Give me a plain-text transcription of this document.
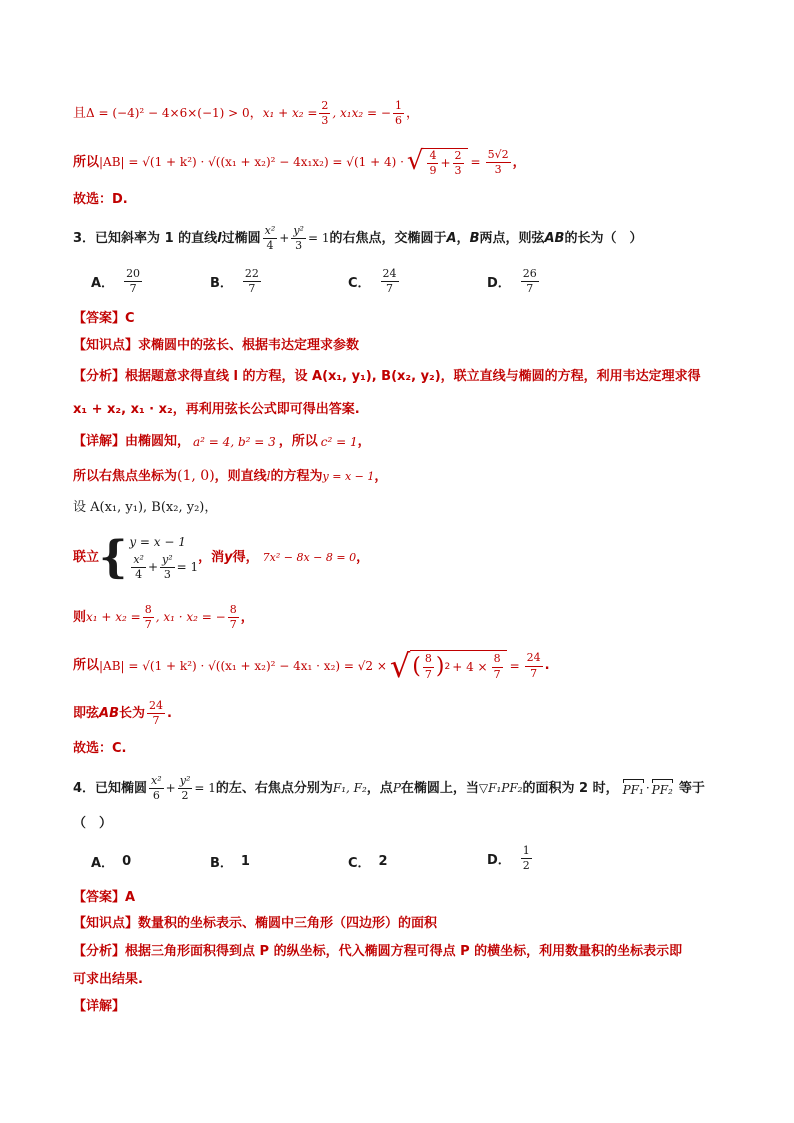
且 Δ = (−4)² − 4×6×(−1) > 0 ， $x_1 + x_2 = \frac{2}{3}$ , x₁x₂ = − $\frac{1}{6}$ ，
所以 |AB| = √(1 + k²) · √((x₁ + x₂)² − 4x₁x₂) = √(1 + 4) · √ $\frac{4}{9} + \frac{2}{3} = \frac{5√2}{3}$ ，
故选：D.
3．已知斜率为 1 的直线 l 过椭圆 $\frac{\text{x²}}{4} + \frac{\text{y²}}{3} = 1$ 的右焦点，交椭圆于 A ， B 两点，则弦 AB 的长为（　）
A． $\frac{20}{7}$	B． $\frac{22}{7}$	C． $\frac{24}{7}$	D． $\frac{26}{7}$
【答案】 C
【知识点】 求椭圆中的弦长、根据韦达定理求参数
【分析】 根据题意求得直线 l 的方程，设 A(x₁, y₁), B(x₂, y₂)，联立直线与椭圆的方程，利用韦达定理求得
x₁ + x₂, x₁ · x₂，再利用弦长公式即可得出答案.
【详解】 由椭圆知， a² = 4, b² = 3 ，所以 c² = 1 ，
所以右焦点坐标为 (1, 0) ，则直线 l 的方程为 y = x − 1 ，
设 A(x₁, y₁), B(x₂, y₂)，
联立 { y = x − 1
$\frac{\text{x²}}{4} + \frac{\text{y²}}{3} = 1$
，消 y 得， 7x² − 8x − 8 = 0 ，
则 $x_1 + x_2 = \frac{8}{7}$ , x₁ · x₂ = − $\frac{8}{7}$ ，
所以 |AB| = √(1 + k²) · √((x₁ + x₂)² − 4x₁ · x₂) = √2 × √ ( $\frac{8}{7}$ ) $2 + 4 \times \frac{8}{7} = \frac{24}{7}$ .
即弦 AB 长为 $\frac{24}{7}$ .
故选：C.
4．已知椭圆 $\frac{\text{x²}}{6} + \frac{\text{y²}}{2} = 1$ 的左、右焦点分别为 F₁, F₂ ，点 P 在椭圆上，当 ▽F₁PF₂ 的面积为 2 时， PF₁ · PF₂ 等于
（　）
A． 0	B． 1	C． 2	D． $\frac{1}{2}$
【答案】 A
【知识点】 数量积的坐标表示、椭圆中三角形（四边形）的面积
【分析】 根据三角形面积得到点 P 的纵坐标，代入椭圆方程可得点 P 的横坐标，利用数量积的坐标表示即
可求出结果.
【详解】
